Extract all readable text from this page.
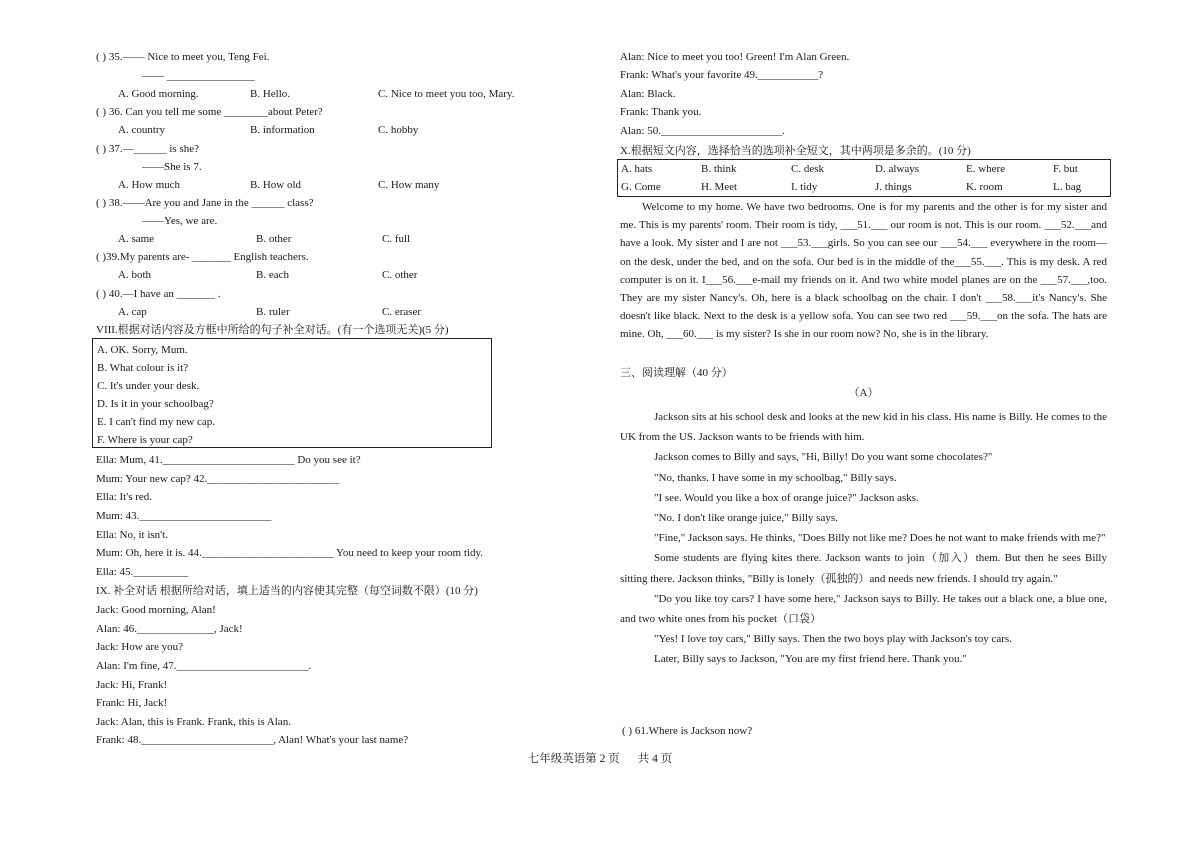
( ) 35.—— Nice to meet you, Teng Fei.
—— ________________
A. Good morning.	B. Hello.	C. Nice to meet you too, Mary.
( ) 36. Can you tell me some ________about Peter?
A. country	B. information	C. hobby
( ) 37.—______ is she?
——She is 7.
A. How much	B. How old	C. How many
( ) 38.——Are you and Jane in the ______ class?
——Yes, we are.
A. same	B. other	C. full
( )39.My parents are- _______ English teachers.
A. both	B. each	C. other
( ) 40.—I have an _______ .
A. cap	B. ruler	C. eraser
VIII.根据对话内容及方框中所给的句子补全对话。(有一个选项无关)(5 分)
A. OK. Sorry, Mum.
B. What colour is it?
C. It's under your desk.
D. Is it in your schoolbag?
E. I can't find my new cap.
F. Where is your cap?
Ella: Mum, 41.________________________ Do you see it?
Mum: Your new cap? 42.________________________
Ella: It's red.
Mum: 43.________________________
Ella: No, it isn't.
Mum: Oh, here it is. 44.________________________ You need to keep your room tidy.
Ella: 45.__________
IX. 补全对话 根据所给对话，填上适当的内容使其完整（每空词数不限）(10 分)
Jack: Good morning, Alan!
Alan: 46.______________, Jack!
Jack: How are you?
Alan: I'm fine, 47.________________________.
Jack: Hi, Frank!
Frank: Hi, Jack!
Jack: Alan, this is Frank. Frank, this is Alan.
Frank: 48.________________________, Alan! What's your last name?
Alan: Nice to meet you too! Green! I'm Alan Green.
Frank: What's your favorite 49.___________?
Alan: Black.
Frank: Thank you.
Alan: 50.______________________.
X.根据短文内容，选择恰当的选项补全短文，其中两项是多余的。(10 分)
A. hats	B. think	C. desk	D. always	E. where	F. but
G. Come	H. Meet	I. tidy	J. things	K. room	L. bag
Welcome to my home. We have two bedrooms. One is for my parents and the other is for my sister and me. This is my parents' room. Their room is tidy, ___51.___ our room is not. This is our room. ___52.___and have a look. My sister and I are not ___53.___girls. So you can see our ___54.___ everywhere in the room—on the desk, under the bed, and on the sofa. Our bed is in the middle of the___55.___. This is my desk. A red computer is on it. I___56.___e-mail my friends on it. And two white model planes are on the ___57.___,too. They are my sister Nancy's. Oh, here is a black schoolbag on the chair. I don't ___58.___it's Nancy's. She doesn't like black. Next to the desk is a yellow sofa. You can see two red ___59.___on the sofa. The hats are mine. Oh, ___60.___ is my sister? Is she in our room now? No, she is in the library.
三、阅读理解（40 分）
（A）

Jackson sits at his school desk and looks at the new kid in his class. His name is Billy. He comes to the UK from the US. Jackson wants to be friends with him.

Jackson comes to Billy and says, "Hi, Billy! Do you want some chocolates?"

"No, thanks. I have some in my schoolbag," Billy says.

"I see. Would you like a box of orange juice?" Jackson asks.

"No. I don't like orange juice," Billy says.

"Fine," Jackson says. He thinks, "Does Billy not like me? Does he not want to make friends with me?"

Some students are flying kites there. Jackson wants to join（加入）them. But then he sees Billy sitting there. Jackson thinks, "Billy is lonely（孤独的）and needs new friends. I should try again."

"Do you like toy cars? I have some here," Jackson says to Billy. He takes out a black one, a blue one, and two white ones from his pocket（口袋）

"Yes! I love toy cars," Billy says. Then the two boys play with Jackson's toy cars.

Later, Billy says to Jackson, "You are my first friend here. Thank you."

( ) 61.Where is Jackson now?
七年级英语第 2 页 共 4 页
